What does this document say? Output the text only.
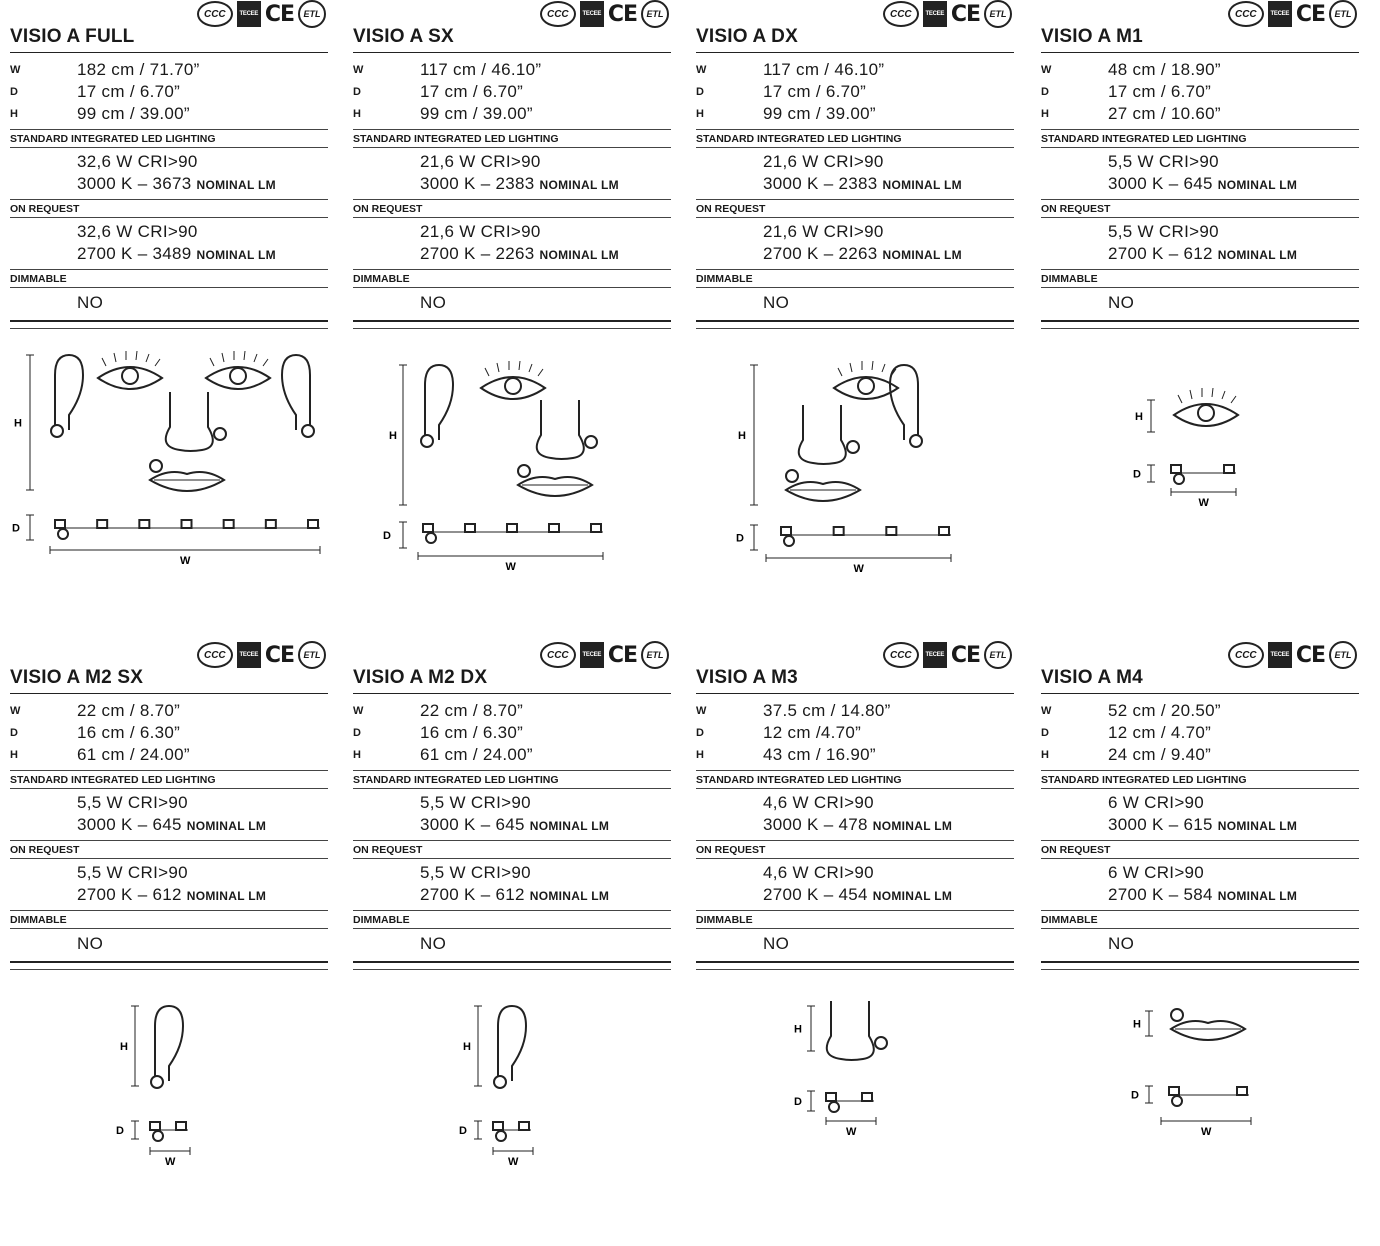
VISIO A FULL
CCC	TECEE CE	ETL
W	182 cm / 71.70”
D	17 cm / 6.70”
H	99 cm / 39.00”
STANDARD INTEGRATED LED LIGHTING
32,6 W CRI>90
3000 K – 3673 NOMINAL LM
ON REQUEST
32,6 W CRI>90
2700 K – 3489 NOMINAL LM
DIMMABLE
NO
H
D
W
VISIO A SX
CCC	TECEE CE	ETL
W	117 cm / 46.10”
D	17 cm / 6.70”
H	99 cm / 39.00”
STANDARD INTEGRATED LED LIGHTING
21,6 W CRI>90
3000 K – 2383 NOMINAL LM
ON REQUEST
21,6 W CRI>90
2700 K – 2263 NOMINAL LM
DIMMABLE
NO
H
D
W
VISIO A DX
CCC	TECEE CE	ETL
W	117 cm / 46.10”
D	17 cm / 6.70”
H	99 cm / 39.00”
STANDARD INTEGRATED LED LIGHTING
21,6 W CRI>90
3000 K – 2383 NOMINAL LM
ON REQUEST
21,6 W CRI>90
2700 K – 2263 NOMINAL LM
DIMMABLE
NO
H
D
W
VISIO A M1
CCC	TECEE CE	ETL
W	48 cm / 18.90”
D	17 cm / 6.70”
H	27 cm / 10.60”
STANDARD INTEGRATED LED LIGHTING
5,5 W CRI>90
3000 K – 645 NOMINAL LM
ON REQUEST
5,5 W CRI>90
2700 K – 612 NOMINAL LM
DIMMABLE
NO
H
D
W
VISIO A M2 SX
CCC	TECEE CE	ETL
W	22 cm / 8.70”
D	16 cm / 6.30”
H	61 cm / 24.00”
STANDARD INTEGRATED LED LIGHTING
5,5 W CRI>90
3000 K – 645 NOMINAL LM
ON REQUEST
5,5 W CRI>90
2700 K – 612 NOMINAL LM
DIMMABLE
NO
H
D
W
VISIO A M2 DX
CCC	TECEE CE	ETL
W	22 cm / 8.70”
D	16 cm / 6.30”
H	61 cm / 24.00”
STANDARD INTEGRATED LED LIGHTING
5,5 W CRI>90
3000 K – 645 NOMINAL LM
ON REQUEST
5,5 W CRI>90
2700 K – 612 NOMINAL LM
DIMMABLE
NO
H
D
W
VISIO A M3
CCC	TECEE CE	ETL
W	37.5 cm / 14.80”
D	12 cm /4.70”
H	43 cm / 16.90”
STANDARD INTEGRATED LED LIGHTING
4,6 W CRI>90
3000 K – 478 NOMINAL LM
ON REQUEST
4,6 W CRI>90
2700 K – 454 NOMINAL LM
DIMMABLE
NO
H
D
W
VISIO A M4
CCC	TECEE CE	ETL
W	52 cm / 20.50”
D	12 cm / 4.70”
H	24 cm / 9.40”
STANDARD INTEGRATED LED LIGHTING
6 W CRI>90
3000 K – 615 NOMINAL LM
ON REQUEST
6 W CRI>90
2700 K – 584 NOMINAL LM
DIMMABLE
NO
H
D
W
